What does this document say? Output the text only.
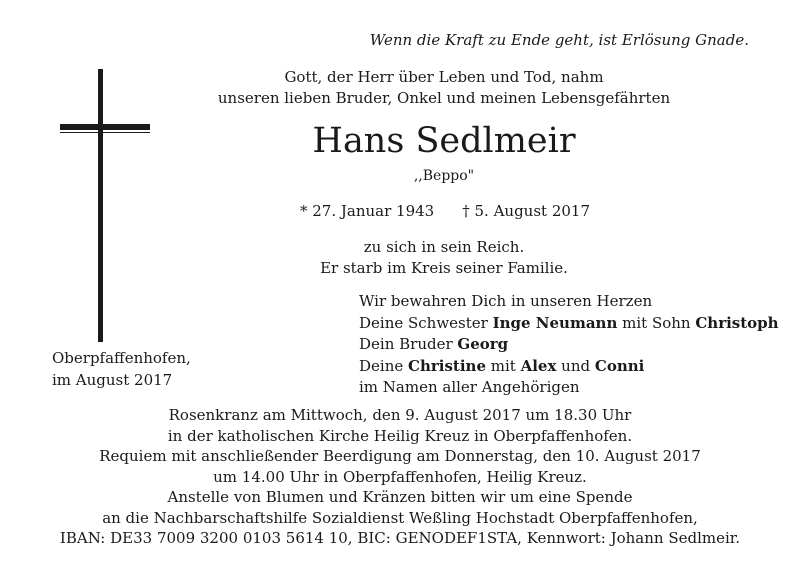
Wenn die Kraft zu Ende geht, ist Erlösung Gnade.
Gott, der Herr über Leben und Tod, nahm
unseren lieben Bruder, Onkel und meinen Lebensgefährten
Hans Sedlmeir
,,Beppo"
* 27. Januar 1943 † 5. August 2017
zu sich in sein Reich.
Er starb im Kreis seiner Familie.
Wir bewahren Dich in unseren Herzen
Deine Schwester Inge Neumann mit Sohn Christoph
Dein Bruder Georg
Deine Christine mit Alex und Conni
im Namen aller Angehörigen
Oberpfaffenhofen,
im August 2017
Rosenkranz am Mittwoch, den 9. August 2017 um 18.30 Uhr
in der katholischen Kirche Heilig Kreuz in Oberpfaffenhofen.
Requiem mit anschließender Beerdigung am Donnerstag, den 10. August 2017
um 14.00 Uhr in Oberpfaffenhofen, Heilig Kreuz.
Anstelle von Blumen und Kränzen bitten wir um eine Spende
an die Nachbarschaftshilfe Sozialdienst Weßling Hochstadt Oberpfaffenhofen,
IBAN: DE33 7009 3200 0103 5614 10, BIC: GENODEF1STA, Kennwort: Johann Sedlmeir.
